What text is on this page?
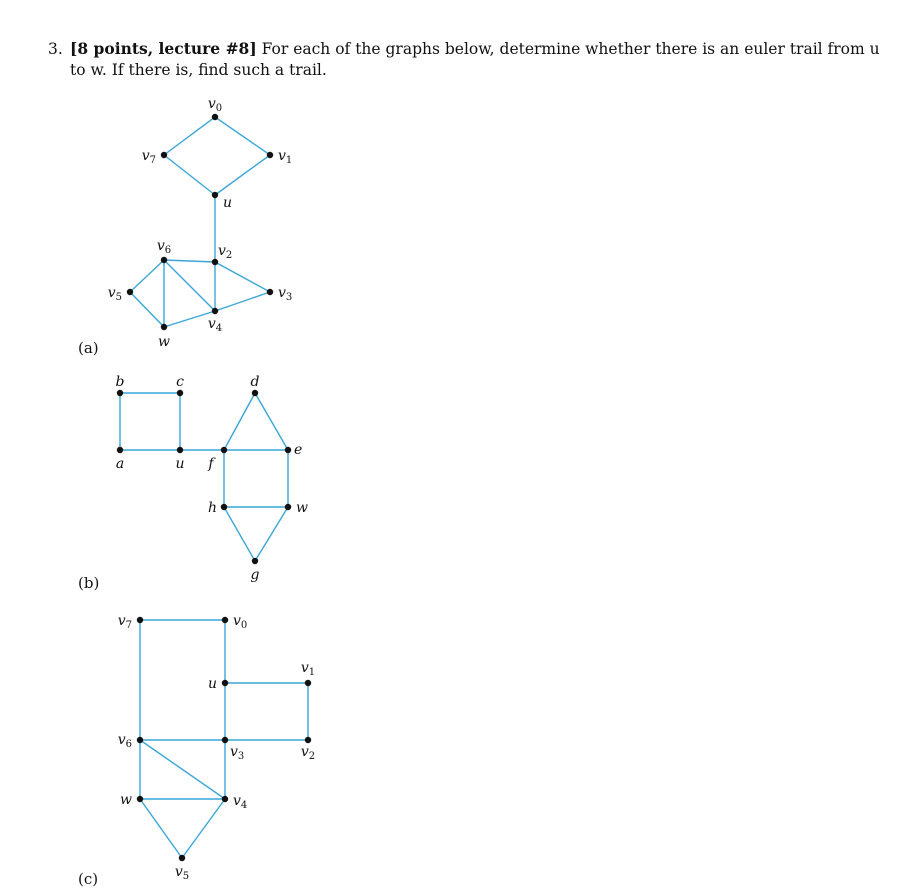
3. [8 points, lecture #8] For each of the graphs below, determine whether there is an euler trail from u
to w. If there is, find such a trail.
(a)
(b)
(c)
$v_0$
$v_1$
$v_7$
u
$v_2$
$v_6$
$v_3$
$v_5$
$v_4$
w
b	c	d
a	u f
e
h	w
g
$v_7$	$v_0$
u
$v_1$
$v_6$	$v_3$	$v_2$
w	$v_4$
$v_5$
